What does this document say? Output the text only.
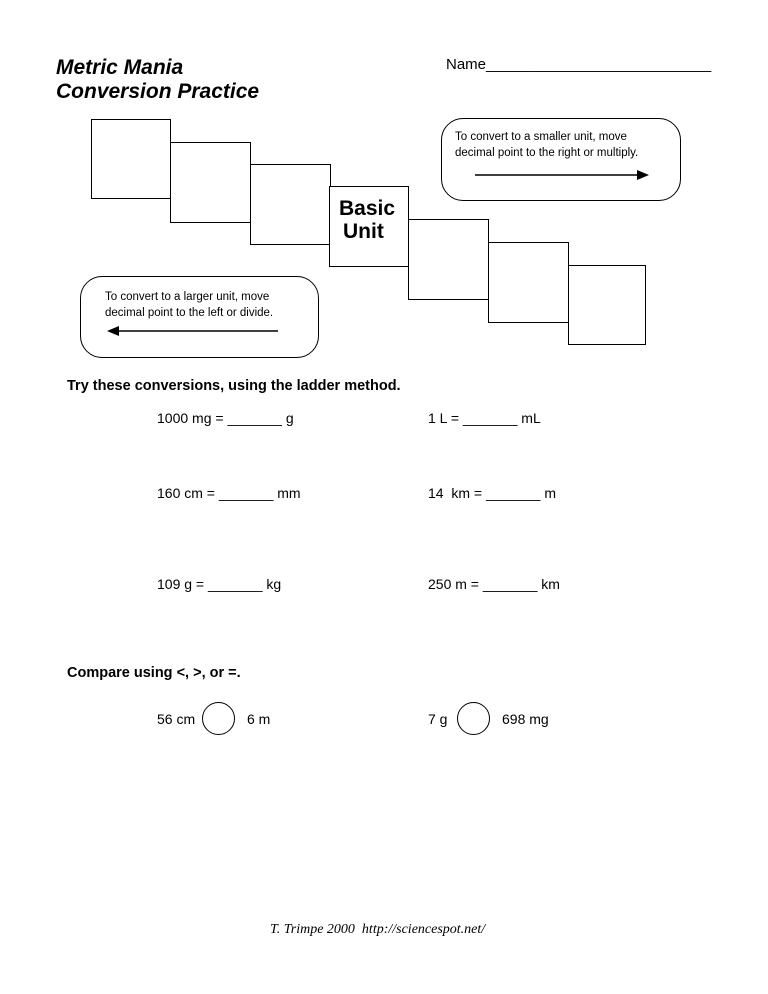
Metric Mania
Conversion Practice
Name___________________________
Basic
Unit
To convert to a smaller unit, move
decimal point to the right or multiply.
To convert to a larger unit, move
decimal point to the left or divide.
Try these conversions, using the ladder method.
1000 mg = _______ g	1 L = _______ mL
160 cm = _______ mm	14  km = _______ m
109 g = _______ kg	250 m = _______ km
Compare using <, >, or =.
56 cm	6 m	7 g	698 mg
T. Trimpe 2000  http://sciencespot.net/
